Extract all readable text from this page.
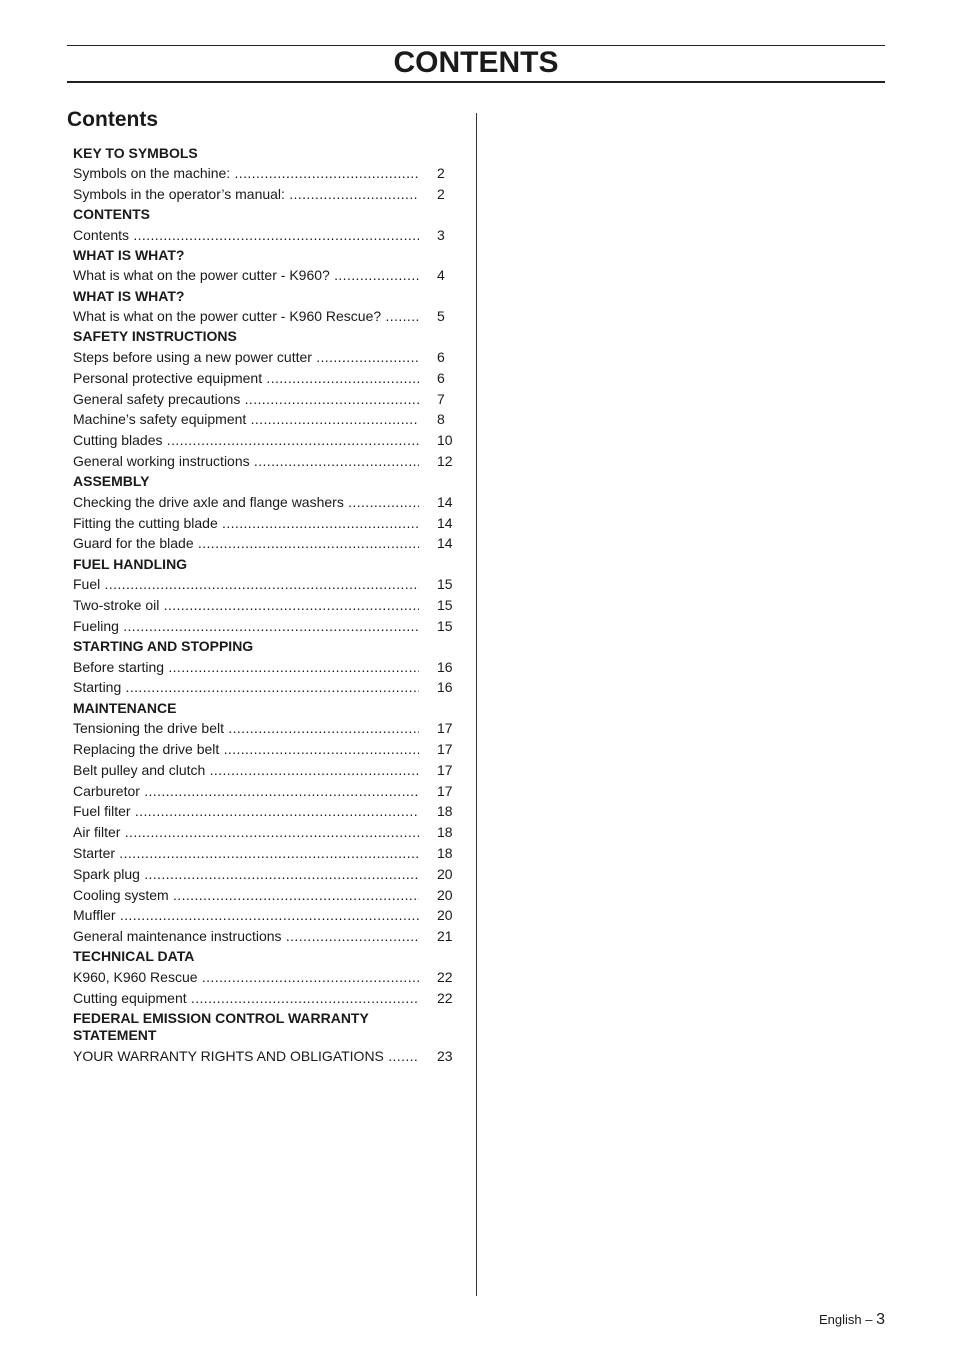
CONTENTS
Contents
KEY TO SYMBOLS
Symbols on the machine: .....	2
Symbols in the operator’s manual: .....	2
CONTENTS
Contents .....	3
WHAT IS WHAT?
What is what on the power cutter - K960? .....	4
WHAT IS WHAT?
What is what on the power cutter - K960 Rescue? .....	5
SAFETY INSTRUCTIONS
Steps before using a new power cutter .....	6
Personal protective equipment .....	6
General safety precautions .....	7
Machine’s safety equipment .....	8
Cutting blades .....	10
General working instructions .....	12
ASSEMBLY
Checking the drive axle and flange washers .....	14
Fitting the cutting blade .....	14
Guard for the blade .....	14
FUEL HANDLING
Fuel .....	15
Two-stroke oil .....	15
Fueling .....	15
STARTING AND STOPPING
Before starting .....	16
Starting .....	16
MAINTENANCE
Tensioning the drive belt .....	17
Replacing the drive belt .....	17
Belt pulley and clutch .....	17
Carburetor .....	17
Fuel filter .....	18
Air filter .....	18
Starter .....	18
Spark plug .....	20
Cooling system .....	20
Muffler .....	20
General maintenance instructions .....	21
TECHNICAL DATA
K960, K960 Rescue .....	22
Cutting equipment .....	22
FEDERAL EMISSION CONTROL WARRANTY STATEMENT
YOUR WARRANTY RIGHTS AND OBLIGATIONS .....	23
English – 3
